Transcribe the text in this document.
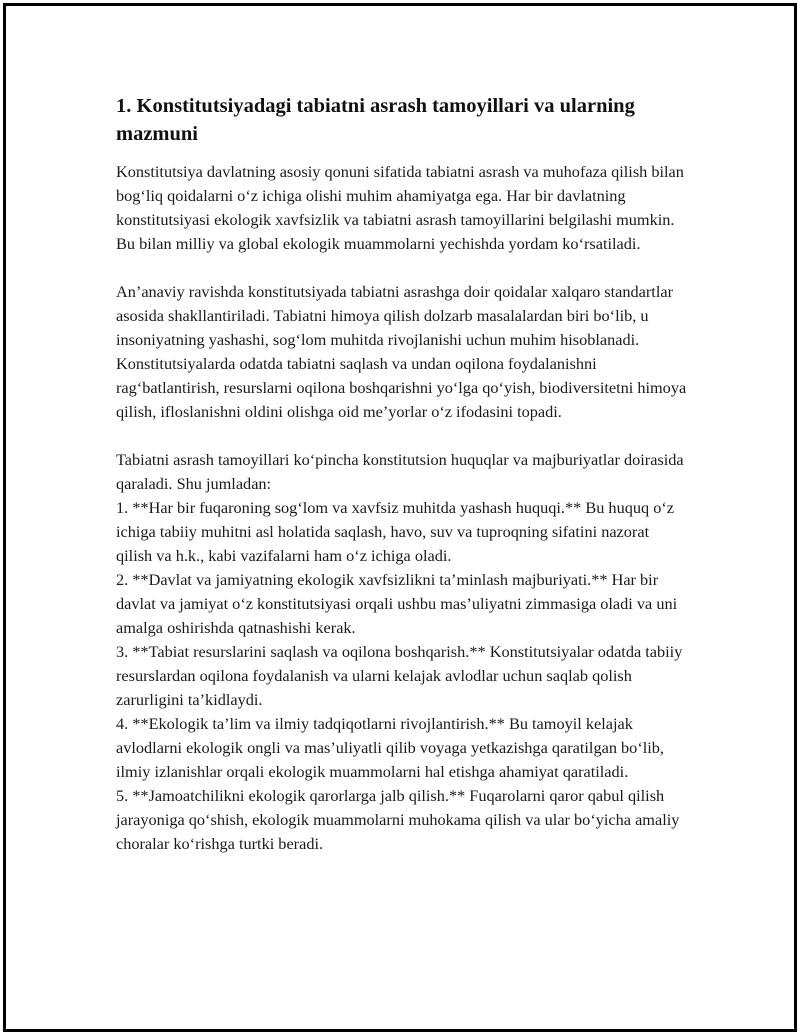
1. Konstitutsiyadagi tabiatni asrash tamoyillari va ularning mazmuni

Konstitutsiya davlatning asosiy qonuni sifatida tabiatni asrash va muhofaza qilish bilan bog‘liq qoidalarni o‘z ichiga olishi muhim ahamiyatga ega. Har bir davlatning konstitutsiyasi ekologik xavfsizlik va tabiatni asrash tamoyillarini belgilashi mumkin. Bu bilan milliy va global ekologik muammolarni yechishda yordam ko‘rsatiladi.

An’anaviy ravishda konstitutsiyada tabiatni asrashga doir qoidalar xalqaro standartlar asosida shakllantiriladi. Tabiatni himoya qilish dolzarb masalalardan biri bo‘lib, u insoniyatning yashashi, sog‘lom muhitda rivojlanishi uchun muhim hisoblanadi. Konstitutsiyalarda odatda tabiatni saqlash va undan oqilona foydalanishni rag‘batlantirish, resurslarni oqilona boshqarishni yo‘lga qo‘yish, biodiversitetni himoya qilish, ifloslanishni oldini olishga oid me’yorlar o‘z ifodasini topadi.

Tabiatni asrash tamoyillari ko‘pincha konstitutsion huquqlar va majburiyatlar doirasida qaraladi. Shu jumladan:

1. **Har bir fuqaroning sog‘lom va xavfsiz muhitda yashash huquqi.** Bu huquq o‘z ichiga tabiiy muhitni asl holatida saqlash, havo, suv va tuproqning sifatini nazorat qilish va h.k., kabi vazifalarni ham o‘z ichiga oladi.

2. **Davlat va jamiyatning ekologik xavfsizlikni ta’minlash majburiyati.** Har bir davlat va jamiyat o‘z konstitutsiyasi orqali ushbu mas’uliyatni zimmasiga oladi va uni amalga oshirishda qatnashishi kerak.

3. **Tabiat resurslarini saqlash va oqilona boshqarish.** Konstitutsiyalar odatda tabiiy resurslardan oqilona foydalanish va ularni kelajak avlodlar uchun saqlab qolish zarurligini ta’kidlaydi.

4. **Ekologik ta’lim va ilmiy tadqiqotlarni rivojlantirish.** Bu tamoyil kelajak avlodlarni ekologik ongli va mas’uliyatli qilib voyaga yetkazishga qaratilgan bo‘lib, ilmiy izlanishlar orqali ekologik muammolarni hal etishga ahamiyat qaratiladi.

5. **Jamoatchilikni ekologik qarorlarga jalb qilish.** Fuqarolarni qaror qabul qilish jarayoniga qo‘shish, ekologik muammolarni muhokama qilish va ular bo‘yicha amaliy choralar ko‘rishga turtki beradi.
